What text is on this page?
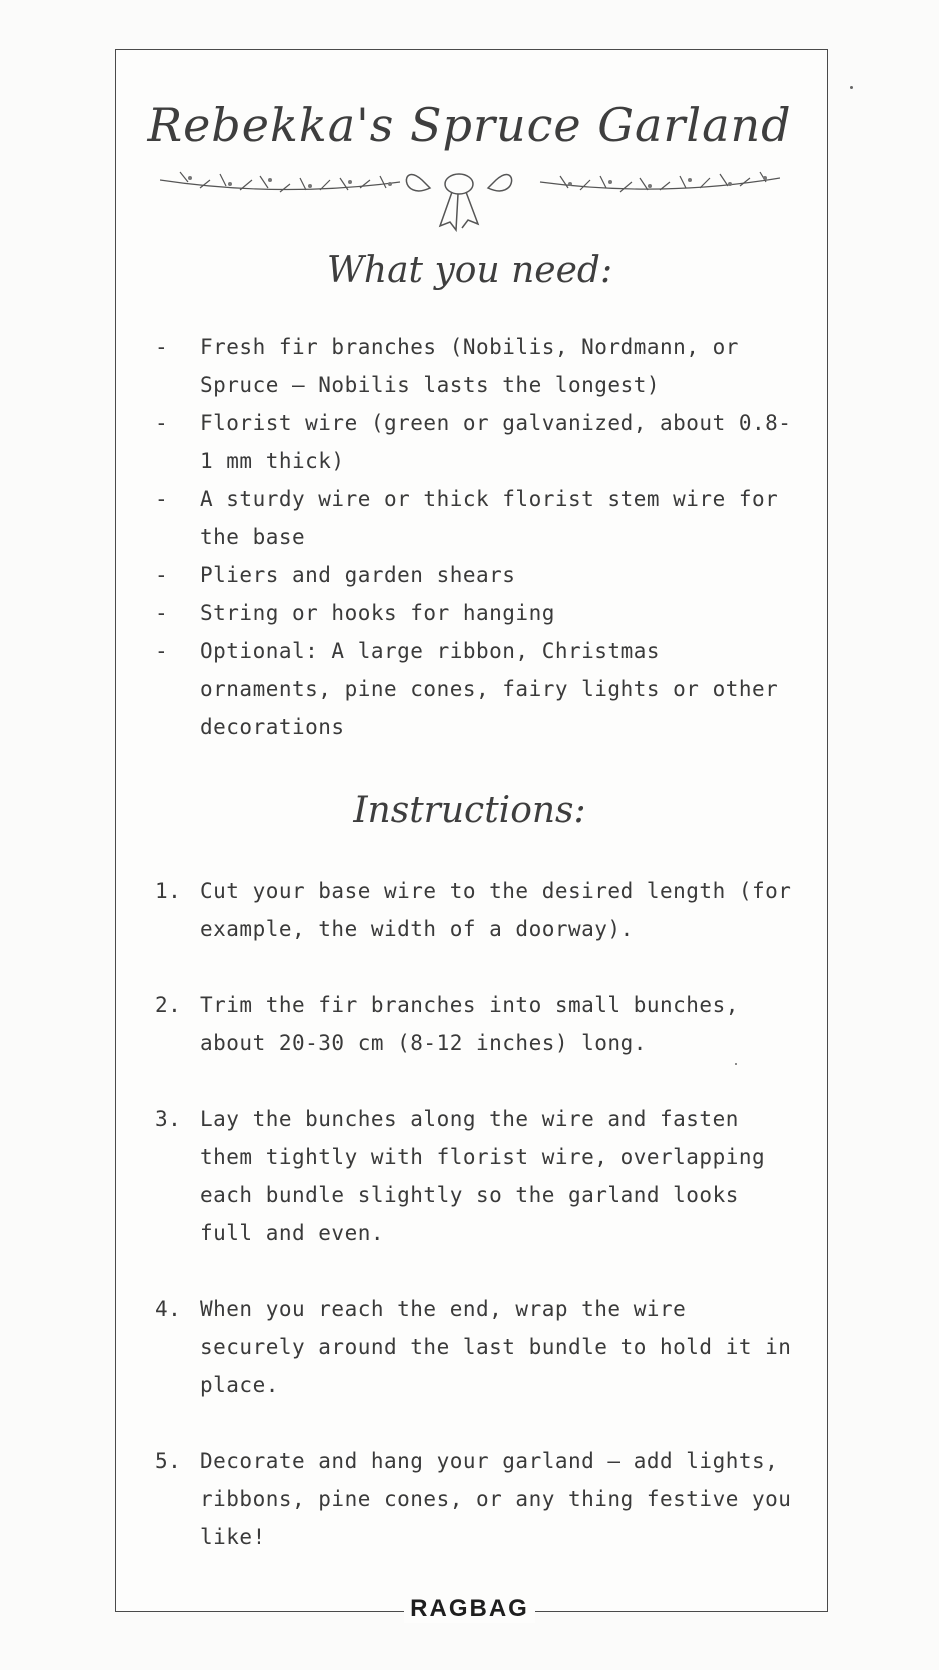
Rebekka's Spruce Garland
What you need:
- Fresh fir branches (Nobilis, Nordmann, or Spruce – Nobilis lasts the longest)
- Florist wire (green or galvanized, about 0.8-1 mm thick)
- A sturdy wire or thick florist stem wire for the base
- Pliers and garden shears
- String or hooks for hanging
- Optional: A large ribbon, Christmas ornaments, pine cones, fairy lights or other decorations
Instructions:
1. Cut your base wire to the desired length (for example, the width of a doorway).
2. Trim the fir branches into small bunches, about 20-30 cm (8-12 inches) long.
3. Lay the bunches along the wire and fasten them tightly with florist wire, overlapping each bundle slightly so the garland looks full and even.
4. When you reach the end, wrap the wire securely around the last bundle to hold it in place.
5. Decorate and hang your garland – add lights, ribbons, pine cones, or any thing festive you like!
RAGBAG
